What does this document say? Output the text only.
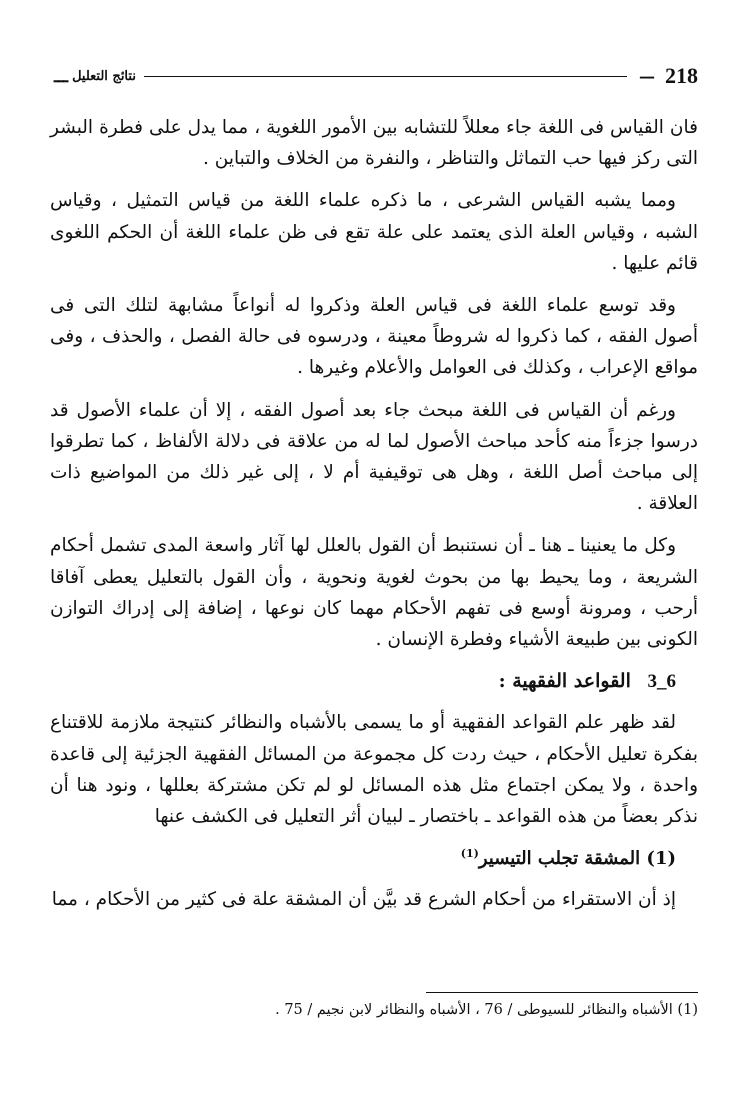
218
—
نتائج التعليل
ـــ

فان القياس فى اللغة جاء معللاً للتشابه بين الأمور اللغوية ، مما يدل على فطرة البشر التى ركز فيها حب التماثل والتناظر ، والنفرة من الخلاف والتباين .

ومما يشبه القياس الشرعى ، ما ذكره علماء اللغة من قياس التمثيل ، وقياس الشبه ، وقياس العلة الذى يعتمد على علة تقع فى ظن علماء اللغة أن الحكم اللغوى قائم عليها .

وقد توسع علماء اللغة فى قياس العلة وذكروا له أنواعاً مشابهة لتلك التى فى أصول الفقه ، كما ذكروا له شروطاً معينة ، ودرسوه فى حالة الفصل ، والحذف ، وفى مواقع الإعراب ، وكذلك فى العوامل والأعلام وغيرها .

ورغم أن القياس فى اللغة مبحث جاء بعد أصول الفقه ، إلا أن علماء الأصول قد درسوا جزءاً منه كأحد مباحث الأصول لما له من علاقة فى دلالة الألفاظ ، كما تطرقوا إلى مباحث أصل اللغة ، وهل هى توقيفية أم لا ، إلى غير ذلك من المواضيع ذات العلاقة .

وكل ما يعنينا ـ هنا ـ أن نستنبط أن القول بالعلل لها آثار واسعة المدى تشمل أحكام الشريعة ، وما يحيط بها من بحوث لغوية ونحوية ، وأن القول بالتعليل يعطى آفاقا أرحب ، ومرونة أوسع فى تفهم الأحكام مهما كان نوعها ، إضافة إلى إدراك التوازن الكونى بين طبيعة الأشياء وفطرة الإنسان .

3_6 القواعد الفقهية :

لقد ظهر علم القواعد الفقهية أو ما يسمى بالأشباه والنظائر كنتيجة ملازمة للاقتناع بفكرة تعليل الأحكام ، حيث ردت كل مجموعة من المسائل الفقهية الجزئية إلى قاعدة واحدة ، ولا يمكن اجتماع مثل هذه المسائل لو لم تكن مشتركة بعللها ، ونود هنا أن نذكر بعضاً من هذه القواعد ـ باختصار ـ لبيان أثر التعليل فى الكشف عنها

(1) المشقة تجلب التيسير$^{(1)}$

إذ أن الاستقراء من أحكام الشرع قد بيَّن أن المشقة علة فى كثير من الأحكام ، مما

(1) الأشباه والنظائر للسيوطى / 76 ، الأشباه والنظائر لابن نجيم / 75 .
